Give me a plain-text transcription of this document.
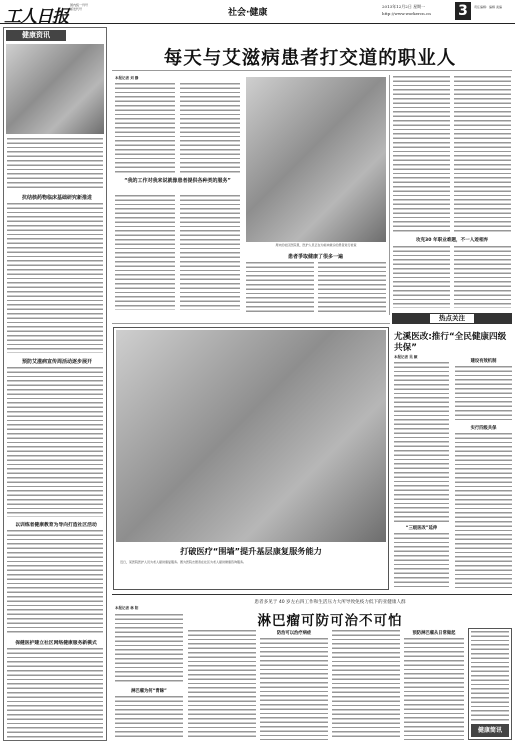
工人日报
国内统一刊号
邮发代号	社会·健康
2013年12月2日 星期一
http://www.workercn.cn 3	责任编辑：编辑 美编
健康资讯
抗结核药物临床基础研究新推进
预防艾滋病宣传周活动逐步展开
以训练者健康教育为导向打造社区活动
保健医护建立社区网络健康服务新模式
每天与艾滋病患者打交道的职业人
本报记者 刘 静
“我的工作对我来说就像患者提供各种类的服务”
周末的社区医院里，医护人员正在为前来就诊的患者进行检查
患者爭取健康了很多一遍
攻克30 年职业难题，不一人迹相弃
热点关注
打破医疗“围墙”提升基层康复服务能力
近日，某医院医护人员为老人提供康复服务。图为医院志愿者在社区为老人提供健康咨询服务。
尤溪医改:推行“全民健康四级共保”
本报记者 吴 颖
“三级医改”延伸
建设有效机制
实行四级共保
患者多见于 40 岁左右四工作和生活压力大所导致免疫力低下的亚健康人群
淋巴瘤可防可治不可怕
本报记者 林 阳
淋巴瘤为何“青睐”
防治可以治疗病症	预防淋巴瘤从日常做起
健康简讯
